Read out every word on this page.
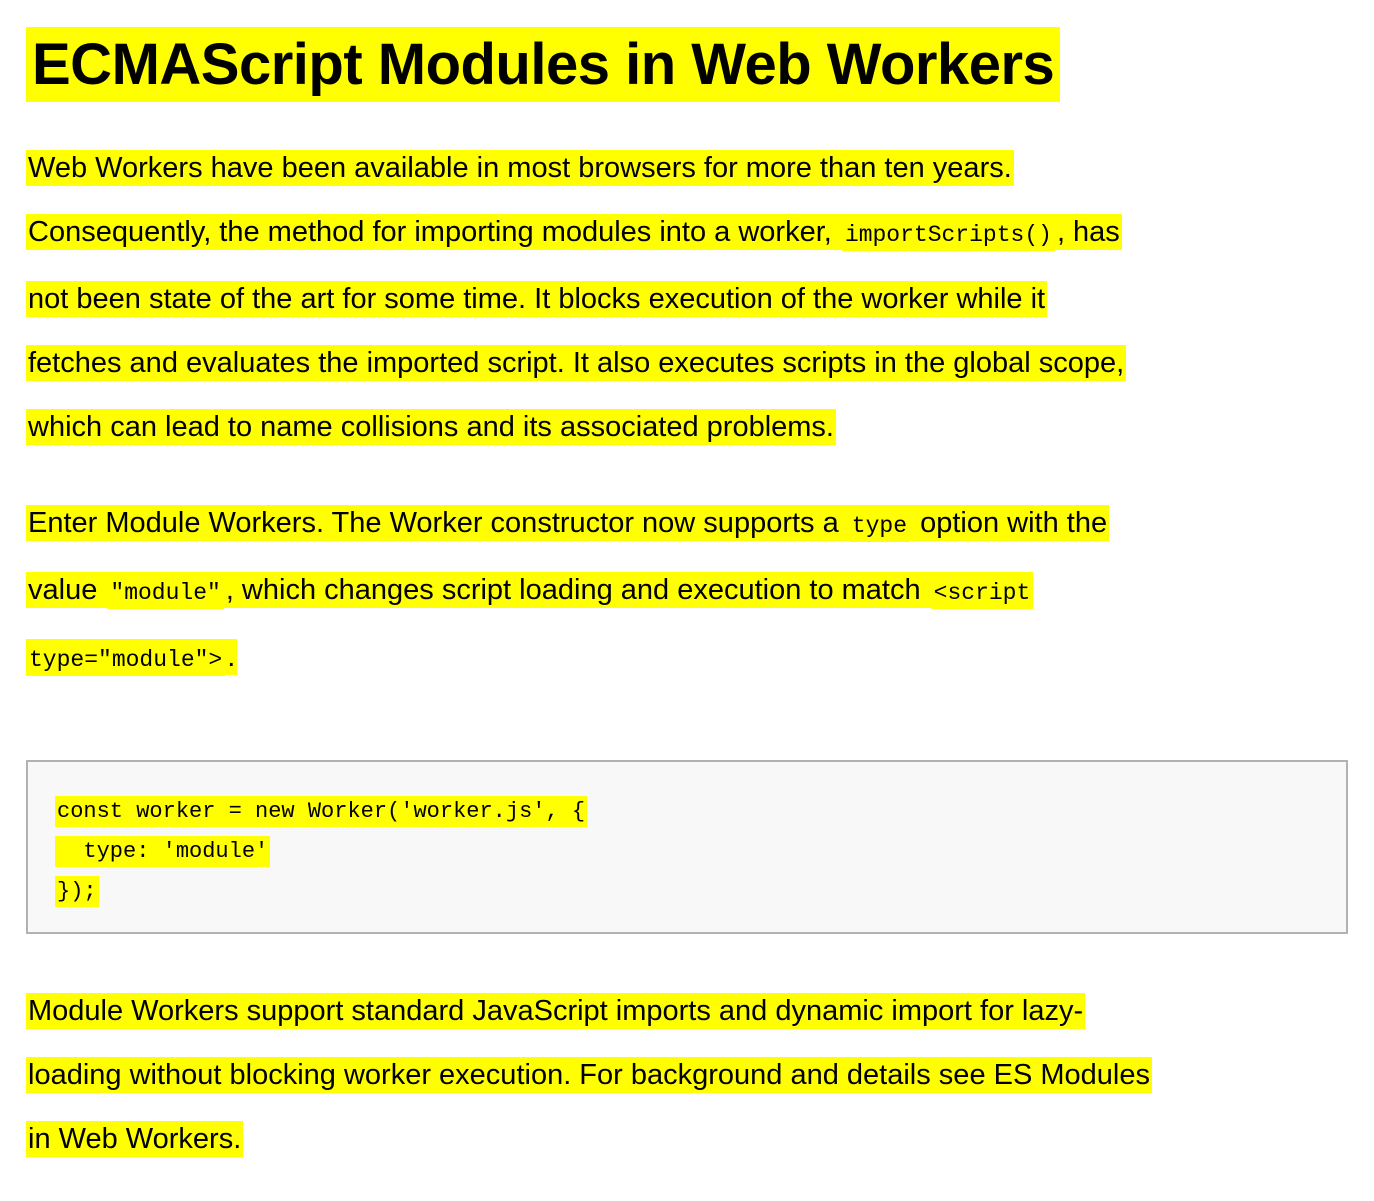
ECMAScript Modules in Web Workers
Web Workers have been available in most browsers for more than ten years.
Consequently, the method for importing modules into a worker, importScripts() , has
not been state of the art for some time. It blocks execution of the worker while it
fetches and evaluates the imported script. It also executes scripts in the global scope,
which can lead to name collisions and its associated problems.
Enter Module Workers. The Worker constructor now supports a type option with the
value "module" , which changes script loading and execution to match <script
type="module"> .
const worker = new Worker('worker.js', {
type: 'module'
});
Module Workers support standard JavaScript imports and dynamic import for lazy-
loading without blocking worker execution. For background and details see ES Modules
in Web Workers.
